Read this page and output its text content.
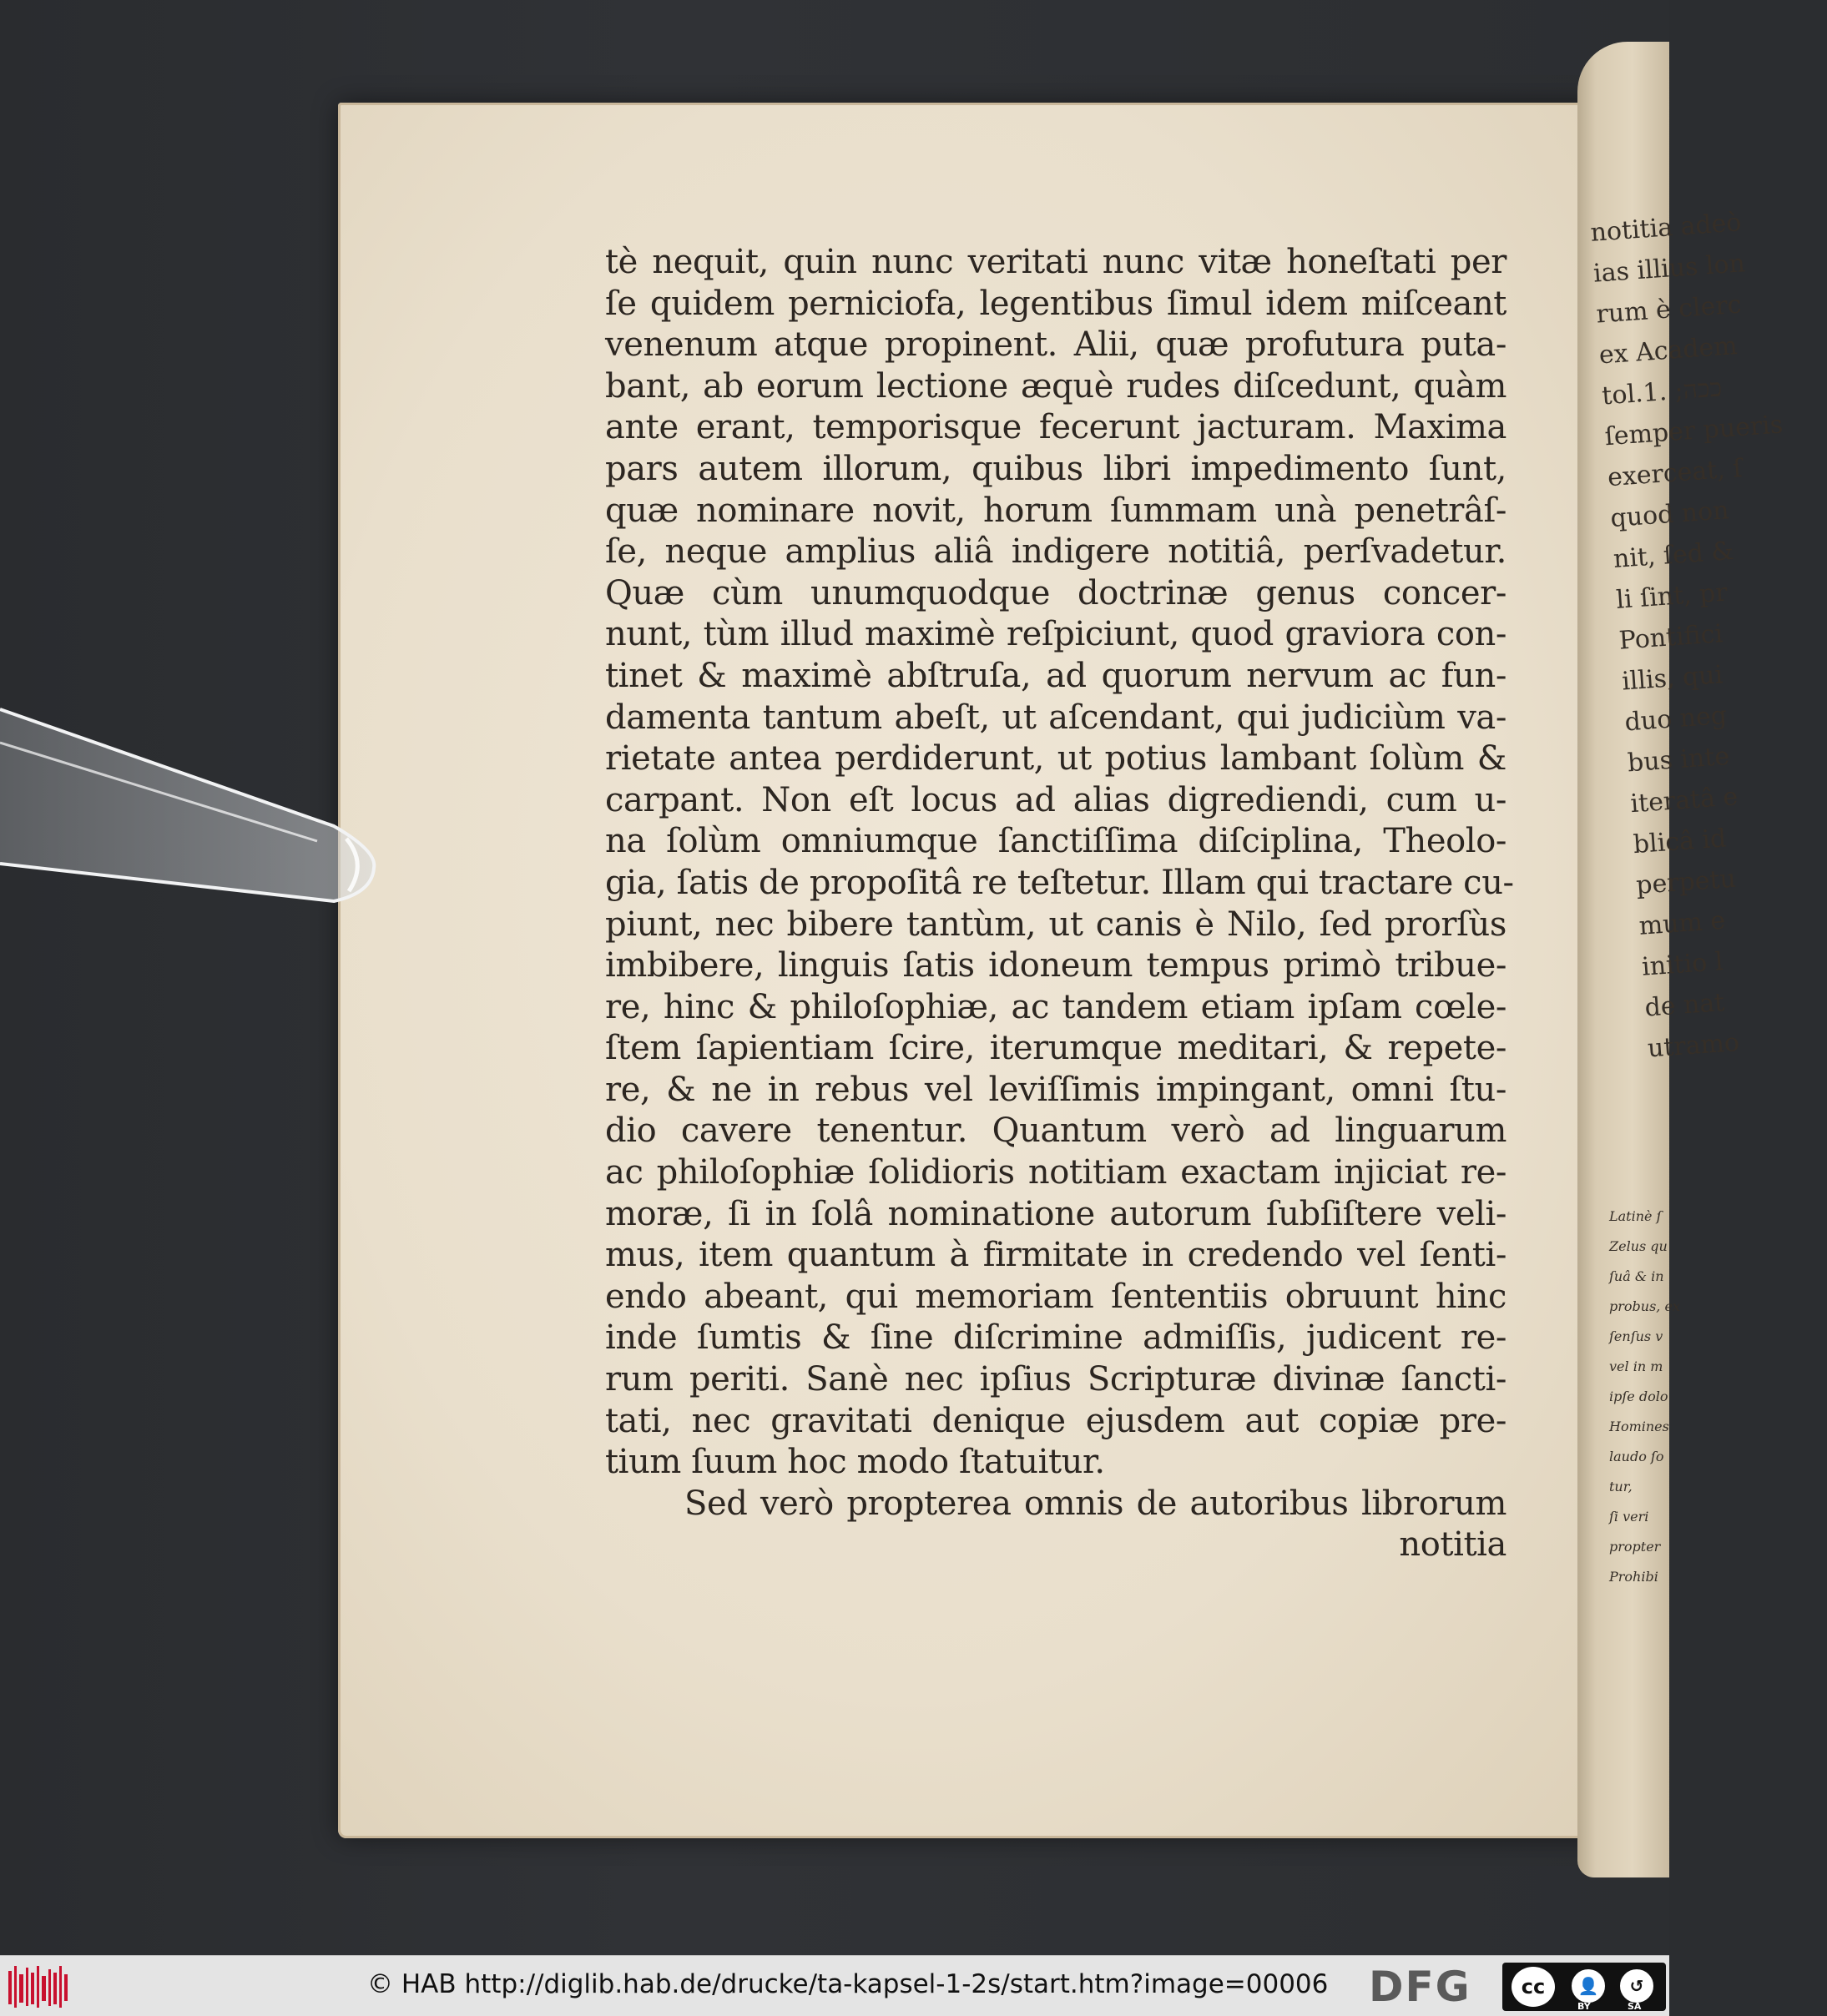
tè nequit, quin nunc veritati nunc vitæ honeſtati per
ſe quidem perniciofa, legentibus ſimul idem miſceant
venenum atque propinent. Alii, quæ profutura puta-
bant, ab eorum lectione æquè rudes diſcedunt, quàm
ante erant, temporisque fecerunt jacturam. Maxima
pars autem illorum, quibus libri impedimento ſunt,
quæ nominare novit, horum ſummam unà penetrâſ-
ſe, neque amplius aliâ indigere notitiâ, perſvadetur.
Quæ cùm unumquodque doctrinæ genus concer-
nunt, tùm illud maximè reſpiciunt, quod graviora con-
tinet & maximè abſtruſa, ad quorum nervum ac fun-
damenta tantum abeſt, ut aſcendant, qui judiciùm va-
rietate antea perdiderunt, ut potius lambant ſolùm &
carpant. Non eſt locus ad alias digrediendi, cum u-
na ſolùm omniumque ſanctiſſima diſciplina, Theolo-
gia, ſatis de propoſitâ re teſtetur. Illam qui tractare cu-
piunt, nec bibere tantùm, ut canis è Nilo, ſed prorſùs
imbibere, linguis ſatis idoneum tempus primò tribue-
re, hinc & philoſophiæ, ac tandem etiam ipſam cœle-
ſtem ſapientiam ſcire, iterumque meditari, & repete-
re, & ne in rebus vel leviſſimis impingant, omni ſtu-
dio cavere tenentur. Quantum verò ad linguarum
ac philoſophiæ ſolidioris notitiam exactam injiciat re-
moræ, ſi in ſolâ nominatione autorum ſubſiſtere veli-
mus, item quantum à firmitate in credendo vel ſenti-
endo abeant, qui memoriam ſententiis obruunt hinc
inde ſumtis & ſine diſcrimine admiſſis, judicent re-
rum periti. Sanè nec ipſius Scripturæ divinæ ſancti-
tati, nec gravitati denique ejusdem aut copiæ pre-
tium ſuum hoc modo ſtatuitur.
Sed verò propterea omnis de autoribus librorum
notitia
notitia adeò
ias illius lon
rum è clerc
ex Academ
tol.1. ;ככה
ſemper pueris
exerceat, ſ
quod non
nit, ſed &
li ſint, pr
Pontifici
illis, qui
duo neg
bus inte
iteratâ e
blicâ id
perpetu
mum e
initio l
de nat
utramo
Latinè ſ
Zelus qu
ſuâ & in
probus, ex
ſenſus v
vel in m
ipſe dolo
Homines
laudo ſo
tur,
ſi veri
propter
Prohibi
© HAB http://diglib.hab.de/drucke/ta-kapsel-1-2s/start.htm?image=00006 DFG	cc	👤	↺
BY	SA
